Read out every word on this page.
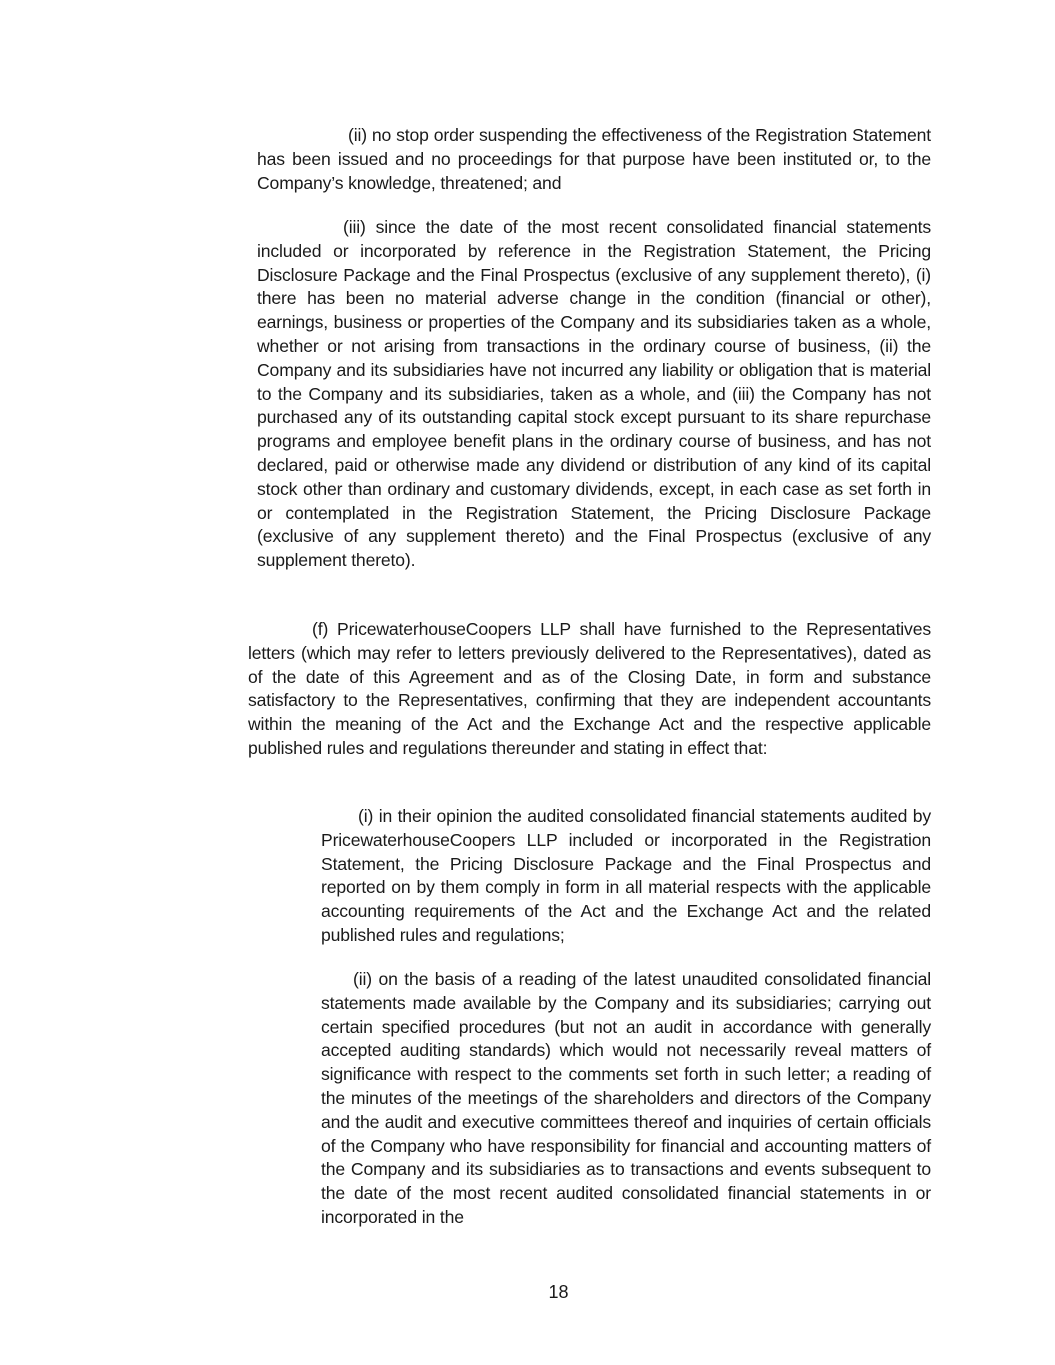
(ii) no stop order suspending the effectiveness of the Registration Statement has been issued and no proceedings for that purpose have been instituted or, to the Company’s knowledge, threatened; and

(iii) since the date of the most recent consolidated financial statements included or incorporated by reference in the Registration Statement, the Pricing Disclosure Package and the Final Prospectus (exclusive of any supplement thereto), (i) there has been no material adverse change in the condition (financial or other), earnings, business or properties of the Company and its subsidiaries taken as a whole, whether or not arising from transactions in the ordinary course of business, (ii) the Company and its subsidiaries have not incurred any liability or obligation that is material to the Company and its subsidiaries, taken as a whole, and (iii) the Company has not purchased any of its outstanding capital stock except pursuant to its share repurchase programs and employee benefit plans in the ordinary course of business, and has not declared, paid or otherwise made any dividend or distribution of any kind of its capital stock other than ordinary and customary dividends, except, in each case as set forth in or contemplated in the Registration Statement, the Pricing Disclosure Package (exclusive of any supplement thereto) and the Final Prospectus (exclusive of any supplement thereto).

(f) PricewaterhouseCoopers LLP shall have furnished to the Representatives letters (which may refer to letters previously delivered to the Representatives), dated as of the date of this Agreement and as of the Closing Date, in form and substance satisfactory to the Representatives, confirming that they are independent accountants within the meaning of the Act and the Exchange Act and the respective applicable published rules and regulations thereunder and stating in effect that:

(i) in their opinion the audited consolidated financial statements audited by PricewaterhouseCoopers LLP included or incorporated in the Registration Statement, the Pricing Disclosure Package and the Final Prospectus and reported on by them comply in form in all material respects with the applicable accounting requirements of the Act and the Exchange Act and the related published rules and regulations;

(ii) on the basis of a reading of the latest unaudited consolidated financial statements made available by the Company and its subsidiaries; carrying out certain specified procedures (but not an audit in accordance with generally accepted auditing standards) which would not necessarily reveal matters of significance with respect to the comments set forth in such letter; a reading of the minutes of the meetings of the shareholders and directors of the Company and the audit and executive committees thereof and inquiries of certain officials of the Company who have responsibility for financial and accounting matters of the Company and its subsidiaries as to transactions and events subsequent to the date of the most recent audited consolidated financial statements in or incorporated in the

18
